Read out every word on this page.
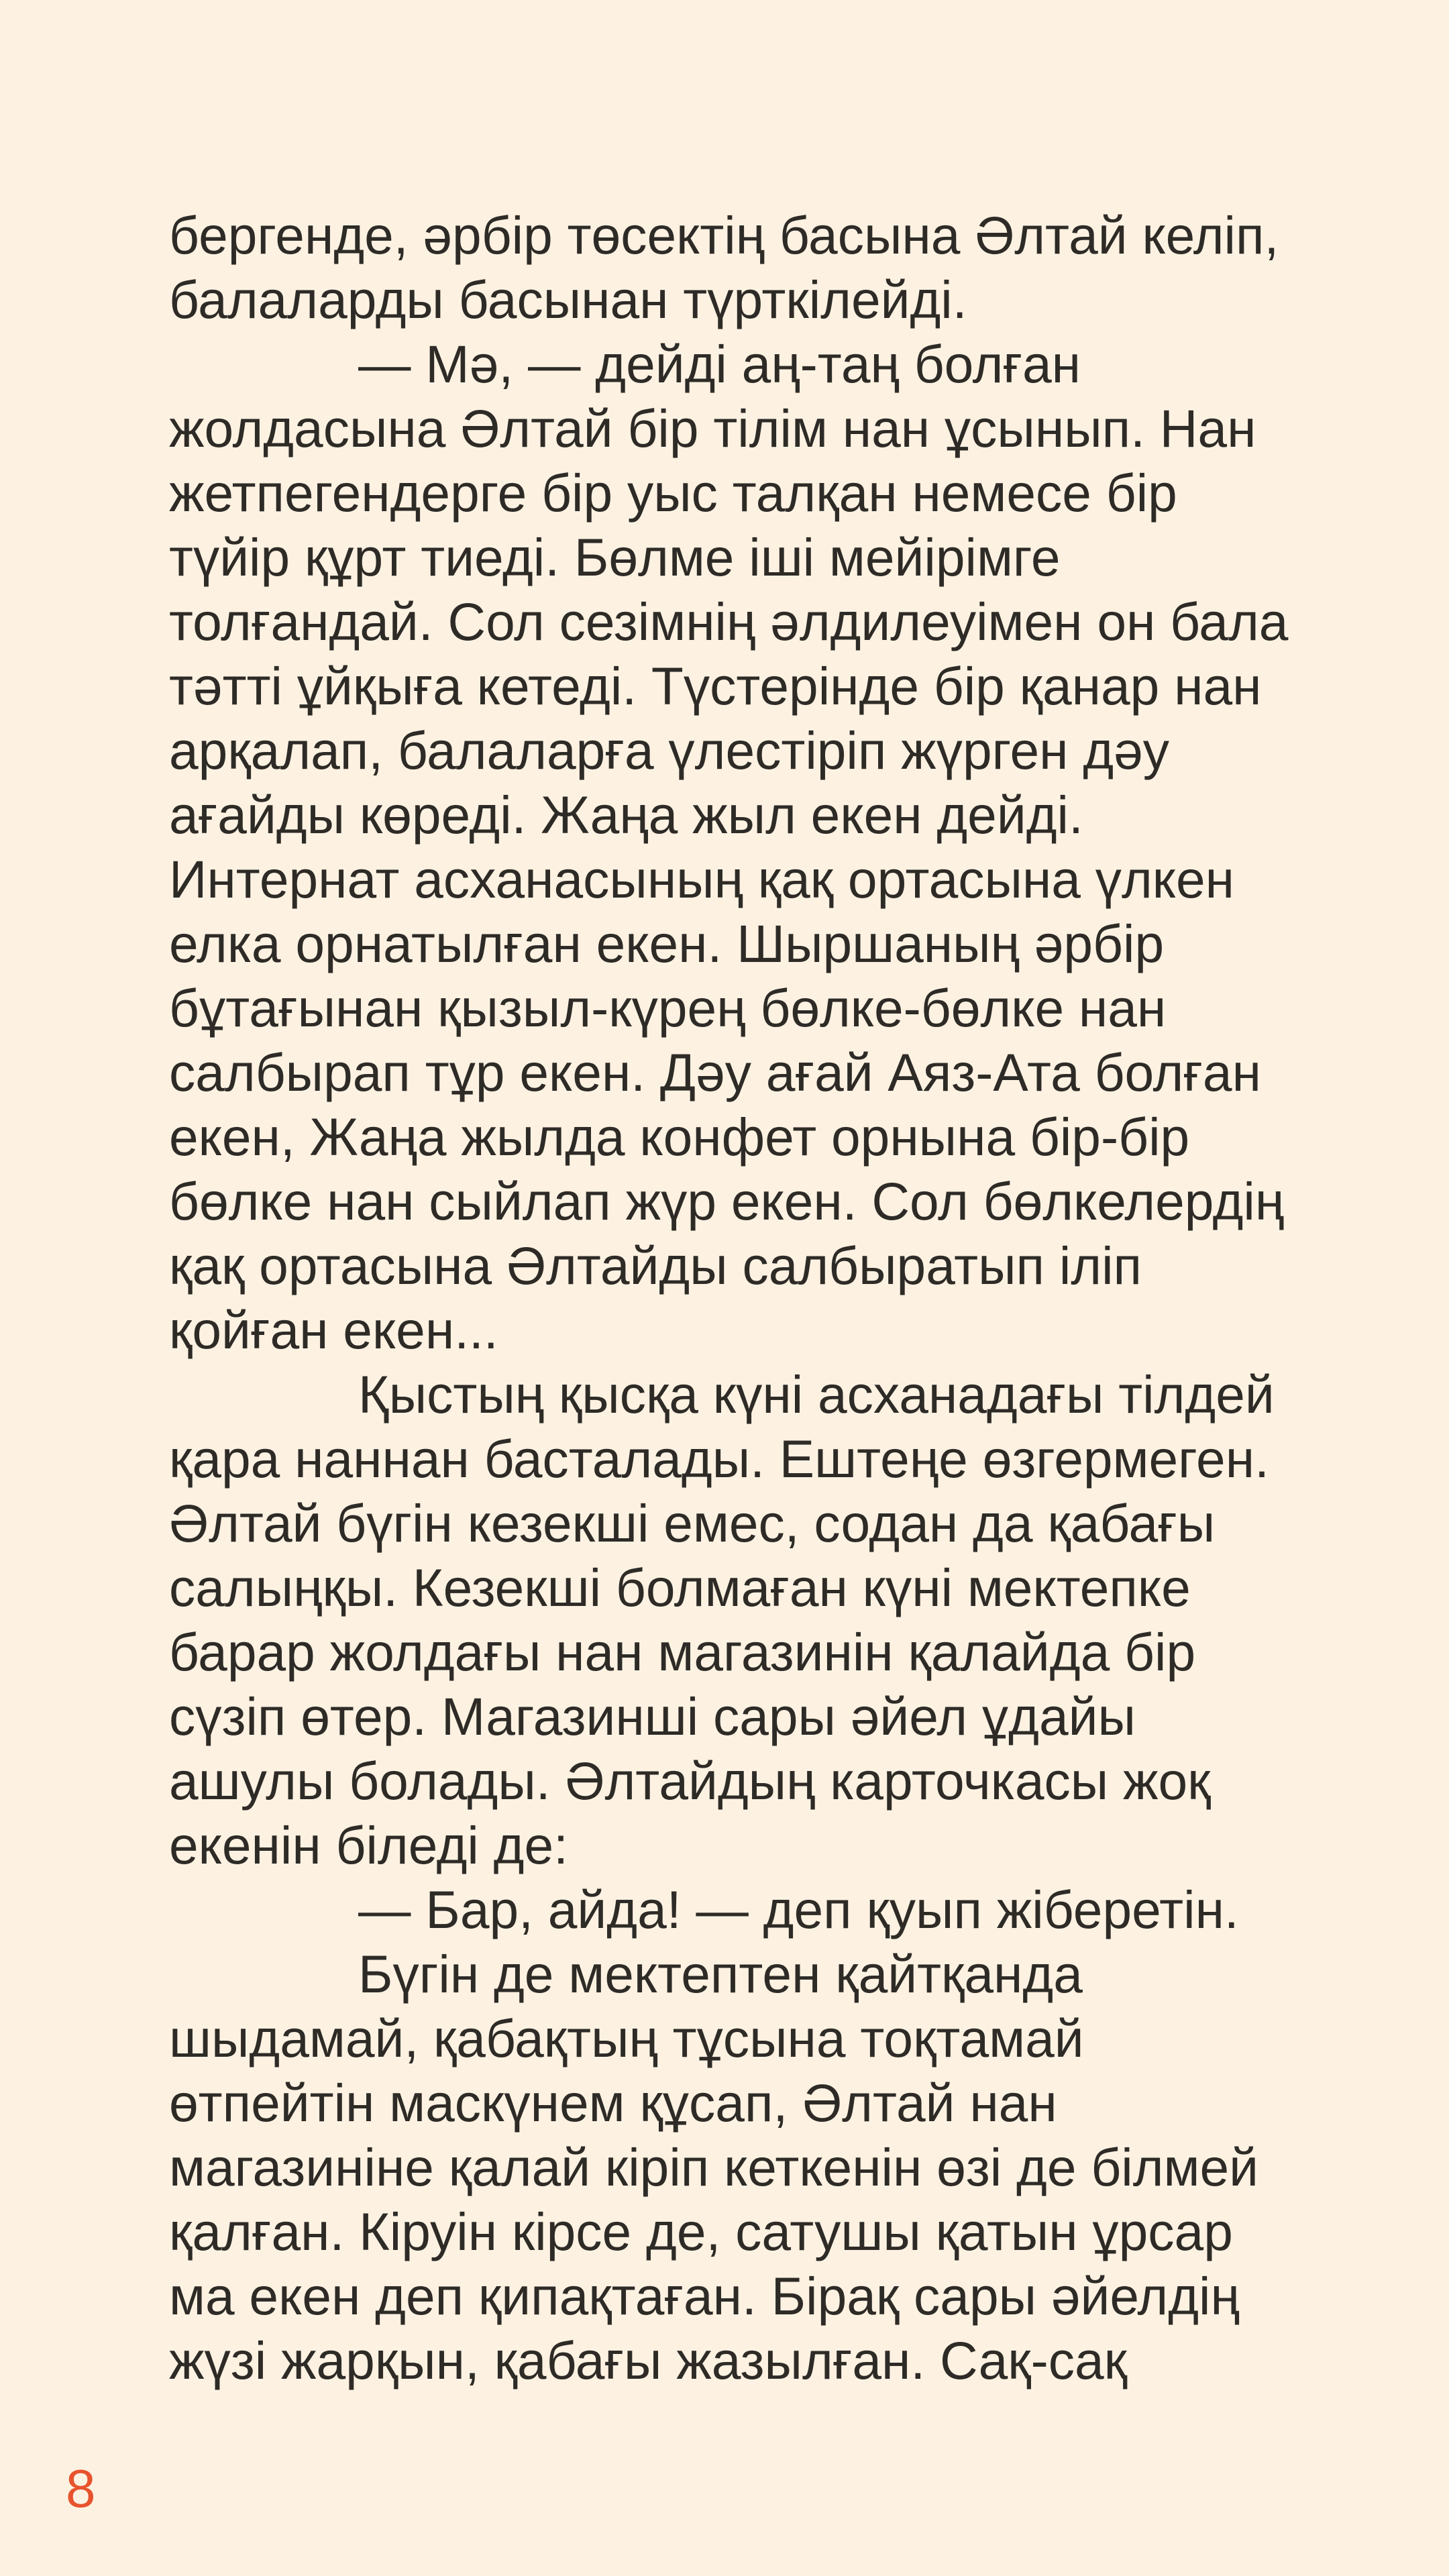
бергенде, әрбір төсектің басына Әлтай келіп,
балаларды басынан түрткілейді.
— Мә, — дейді аң-таң болған
жолдасына Әлтай бір тілім нан ұсынып. Нан
жетпегендерге бір уыс талқан немесе бір
түйір құрт тиеді. Бөлме іші мейірімге
толғандай. Сол сезімнің әлдилеуімен он бала
тәтті ұйқыға кетеді. Түстерінде бір қанар нан
арқалап, балаларға үлестіріп жүрген дәу
ағайды көреді. Жаңа жыл екен дейді.
Интернат асханасының қақ ортасына үлкен
елка орнатылған екен. Шыршаның әрбір
бұтағынан қызыл-күрең бөлке-бөлке нан
салбырап тұр екен. Дәу ағай Аяз-Ата болған
екен, Жаңа жылда конфет орнына бір-бір
бөлке нан сыйлап жүр екен. Сол бөлкелердің
қақ ортасына Әлтайды салбыратып іліп
қойған екен...
Қыстың қысқа күні асханадағы тілдей
қара наннан басталады. Ештеңе өзгермеген.
Әлтай бүгін кезекші емес, содан да қабағы
салыңқы. Кезекші болмаған күні мектепке
барар жолдағы нан магазинін қалайда бір
сүзіп өтер. Магазинші сары әйел ұдайы
ашулы болады. Әлтайдың карточкасы жоқ
екенін біледі де:
— Бар, айда! — деп қуып жіберетін.
Бүгін де мектептен қайтқанда
шыдамай, қабақтың тұсына тоқтамай
өтпейтін маскүнем құсап, Әлтай нан
магазиніне қалай кіріп кеткенін өзі де білмей
қалған. Кіруін кірсе де, сатушы қатын ұрсар
ма екен деп қипақтаған. Бірақ сары әйелдің
жүзі жарқын, қабағы жазылған. Сақ-сақ
8
